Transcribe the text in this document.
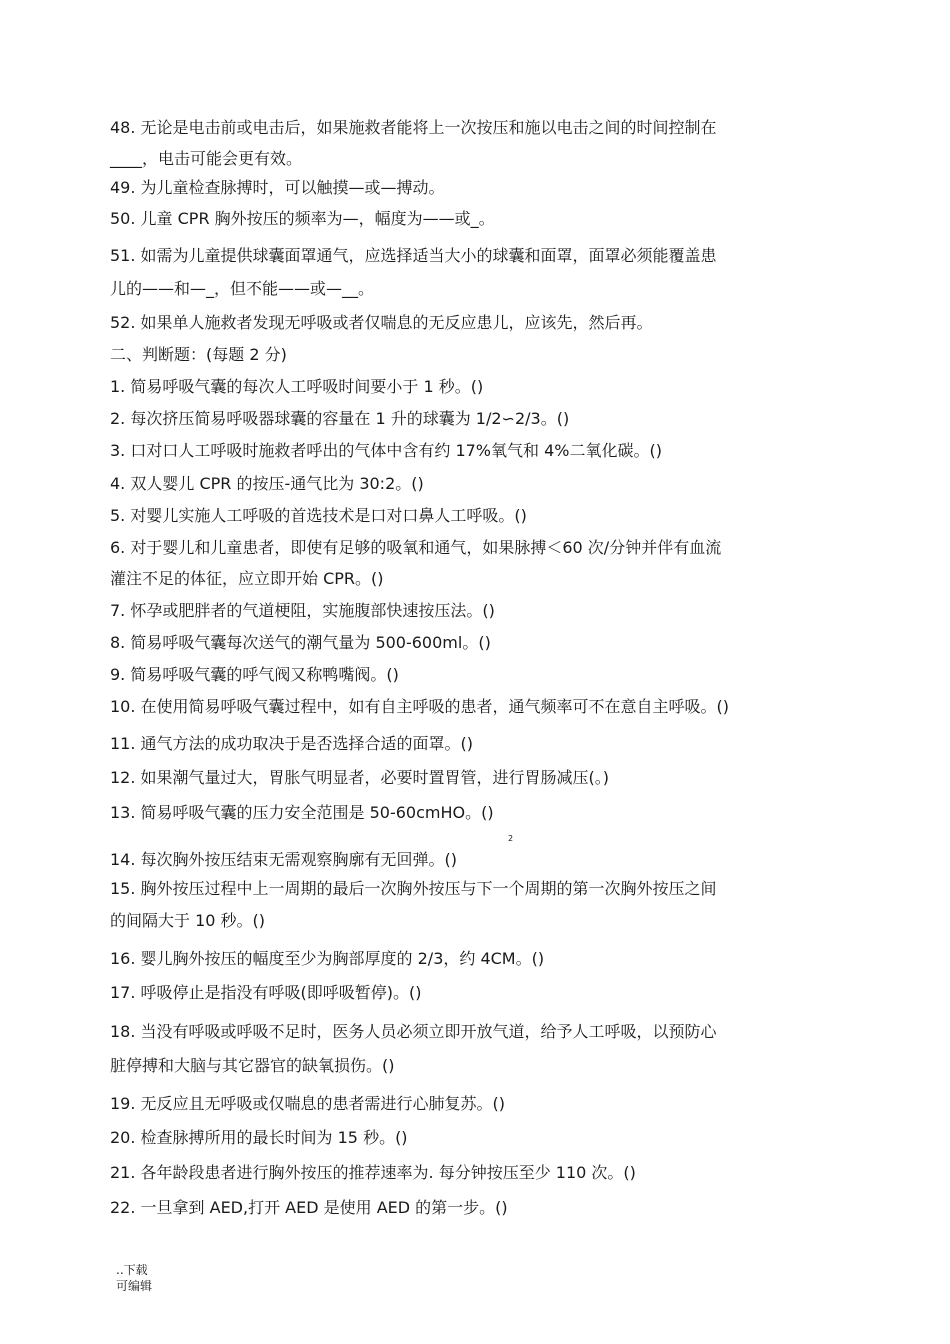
48. 无论是电击前或电击后，如果施救者能将上一次按压和施以电击之间的时间控制在
____，电击可能会更有效。
49. 为儿童检查脉搏时，可以触摸—或—搏动。
50. 儿童 CPR 胸外按压的频率为—，幅度为——或_。
51. 如需为儿童提供球囊面罩通气，应选择适当大小的球囊和面罩，面罩必须能覆盖患
儿的——和—_，但不能——或—__。
52. 如果单人施救者发现无呼吸或者仅喘息的无反应患儿，应该先，然后再。
二、判断题：(每题 2 分)
1. 简易呼吸气囊的每次人工呼吸时间要小于 1 秒。()
2. 每次挤压简易呼吸器球囊的容量在 1 升的球囊为 1/2∽2/3。()
3. 口对口人工呼吸时施救者呼出的气体中含有约 17%氧气和 4%二氧化碳。()
4. 双人婴儿 CPR 的按压-通气比为 30:2。()
5. 对婴儿实施人工呼吸的首选技术是口对口鼻人工呼吸。()
6. 对于婴儿和儿童患者，即使有足够的吸氧和通气，如果脉搏＜60 次/分钟并伴有血流
灌注不足的体征，应立即开始 CPR。()
7. 怀孕或肥胖者的气道梗阻，实施腹部快速按压法。()
8. 简易呼吸气囊每次送气的潮气量为 500-600ml。()
9. 简易呼吸气囊的呼气阀又称鸭嘴阀。()
10. 在使用简易呼吸气囊过程中，如有自主呼吸的患者，通气频率可不在意自主呼吸。()
11. 通气方法的成功取决于是否选择合适的面罩。()
12. 如果潮气量过大，胃胀气明显者，必要时置胃管，进行胃肠减压(。)
13. 简易呼吸气囊的压力安全范围是 50-60cmHO。()
2
14. 每次胸外按压结束无需观察胸廓有无回弹。()
15. 胸外按压过程中上一周期的最后一次胸外按压与下一个周期的第一次胸外按压之间
的间隔大于 10 秒。()
16. 婴儿胸外按压的幅度至少为胸部厚度的 2/3，约 4CM。()
17. 呼吸停止是指没有呼吸(即呼吸暂停)。()
18. 当没有呼吸或呼吸不足时，医务人员必须立即开放气道，给予人工呼吸，以预防心
脏停搏和大脑与其它器官的缺氧损伤。()
19. 无反应且无呼吸或仅喘息的患者需进行心肺复苏。()
20. 检查脉搏所用的最长时间为 15 秒。()
21. 各年龄段患者进行胸外按压的推荐速率为. 每分钟按压至少 110 次。()
22. 一旦拿到 AED,打开 AED 是使用 AED 的第一步。()
..下载
可编辑
